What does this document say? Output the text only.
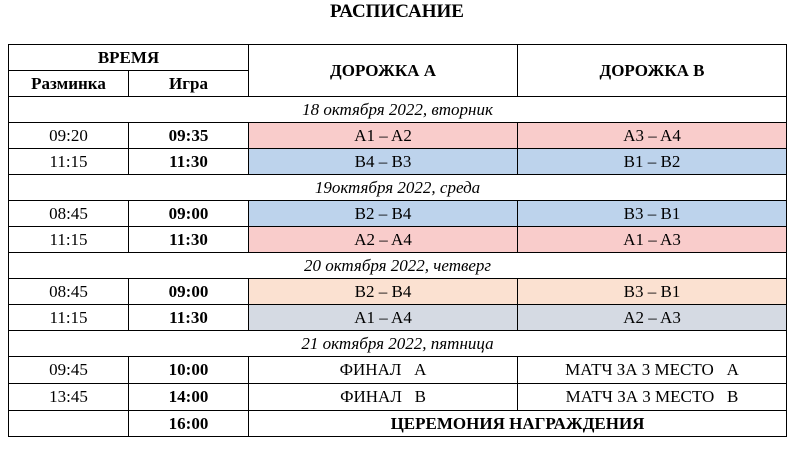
РАСПИСАНИЕ
ВРЕМЯ		ДОРОЖКА А	ДОРОЖКА В
Разминка	Игра		
18 октября 2022, вторник			
09:20	09:35	A1 – A2	A3 – A4
11:15	11:30	B4 – B3	B1 – B2
19октября 2022, среда			
08:45	09:00	B2 – B4	B3 – B1
11:15	11:30	A2 – A4	A1 – A3
20 октября 2022, четверг			
08:45	09:00	B2 – B4	B3 – B1
11:15	11:30	A1 – A4	A2 – A3
21 октября 2022, пятница			
09:45	10:00	ФИНАЛ   А	МАТЧ ЗА 3 МЕСТО   А
13:45	14:00	ФИНАЛ   В	МАТЧ ЗА 3 МЕСТО   В
	16:00	ЦЕРЕМОНИЯ НАГРАЖДЕНИЯ	
